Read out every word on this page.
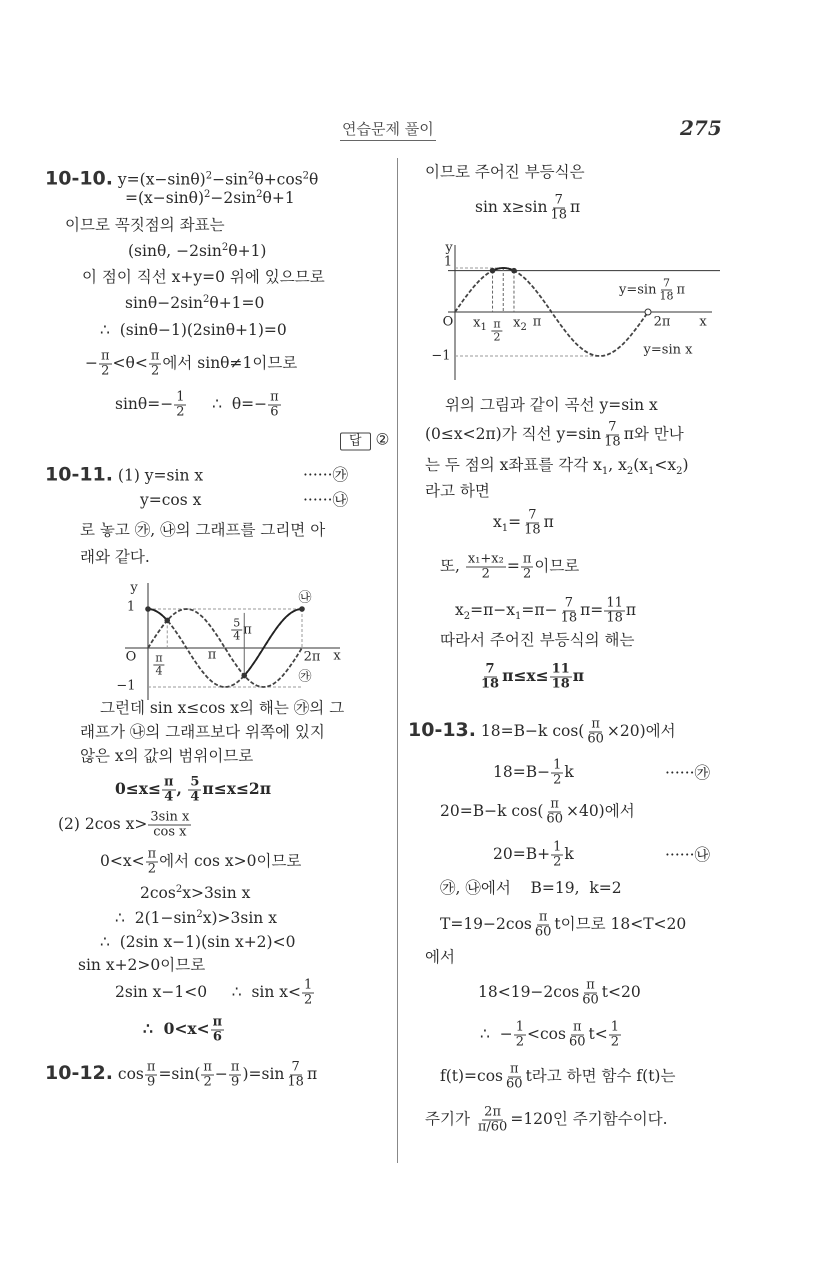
연습문제 풀이	275
10-10. $y=(x-\sin\theta)^2-\sin^2\theta+\cos^2\theta$
$=(x-\sin\theta)^2-2\sin^2\theta+1$
이므로 꼭짓점의 좌표는
(sinθ, $-2\sin^2\theta+1$)
이 점이 직선 x+y=0 위에 있으므로
$\sin\theta-2\sin^2\theta+1=0$
∴  (sinθ−1)(2sinθ+1)=0
− $\frac{\pi}{2} <\theta< \frac{\pi}{2}$ 에서 sinθ≠1이므로
$\sin\theta=- \frac{1}{2}$ ∴  $\theta=- \frac{\pi}{6}$
답 ②
10-11. (1) y=sin x	······㉮
y=cos x	······㉯
로 놓고 ㉮, ㉯의 그래프를 그리면 아
래와 같다.
그런데 sin x≤cos x의 해는 ㉮의 그
래프가 ㉯의 그래프보다 위쪽에 있지
않은 x의 값의 범위이므로
$0\le x\le \frac{\pi}{4}$ , $\frac{5}{4} \pi\le x\le 2\pi$
(2) 2cos $x> \frac{\text{3sin x}}{\text{cos x}}$
$0<x< \frac{\pi}{2}$ 에서 cos x>0이므로
$2\cos^2x>3\sin$ x
∴  $2(1-\sin^2x)>3\sin$ x
∴  (2sin x−1)(sin x+2)<0
sin x+2>0이므로
2sin x−1<0     ∴  $\sin x< \frac{1}{2}$
∴  $0<x< \frac{\pi}{6}$
10-12. $\cos \frac{\pi}{9} =\sin( \frac{\pi}{2} - \frac{\pi}{9} )=\sin \frac{7}{18}$ π
이므로 주어진 부등식은
$\sin x\ge\sin \frac{7}{18}$ π
위의 그림과 같이 곡선 y=sin x
(0≤x<2π)가 직선 $y=\sin \frac{7}{18}$ π와 만나
는 두 점의 x좌표를 각각 $x_1$, $x_2(x_1<x_2)$
라고 하면
$x_1= \frac{7}{18}$ π
또, $\frac{\text{x₁+x₂}}{2} = \frac{\pi}{2}$ 이므로
$x_2=\pi-x_1=\pi- \frac{7}{18} \pi= \frac{11}{18}$ π
따라서 주어진 부등식의 해는
$\frac{7}{18} \pi\le x\le \frac{11}{18}$ π
10-13. 18=B−k $\cos( \frac{\pi}{60} \times 20)$에서
$18=B- \frac{1}{2}$ k	······㉮
20=B−k $\cos( \frac{\pi}{60} \times 40)$에서
$20=B+ \frac{1}{2}$ k	······㉯
㉮, ㉯에서    B=19,  k=2
$T=19-2\cos \frac{\pi}{60}$ t이므로 18<T<20
에서
$18<19-2\cos \frac{\pi}{60} t<20$
∴  − $\frac{1}{2} <\cos \frac{\pi}{60} t< \frac{1}{2}$
$f(t)=\cos \frac{\pi}{60}$ t라고 하면 함수 f(t)는
주기가 $\frac{2\pi}{\pi/60} =120$인 주기함수이다.
y
1
O $\frac{\pi}{4}$	π
$\frac{5}{4}$ π
2π x
−1
㉯
㉮
y
1
O $x_1 \frac{\pi}{2} x_2$ π	2π x
−1
$y=\sin \frac{7}{18}$ π
y=sin x
